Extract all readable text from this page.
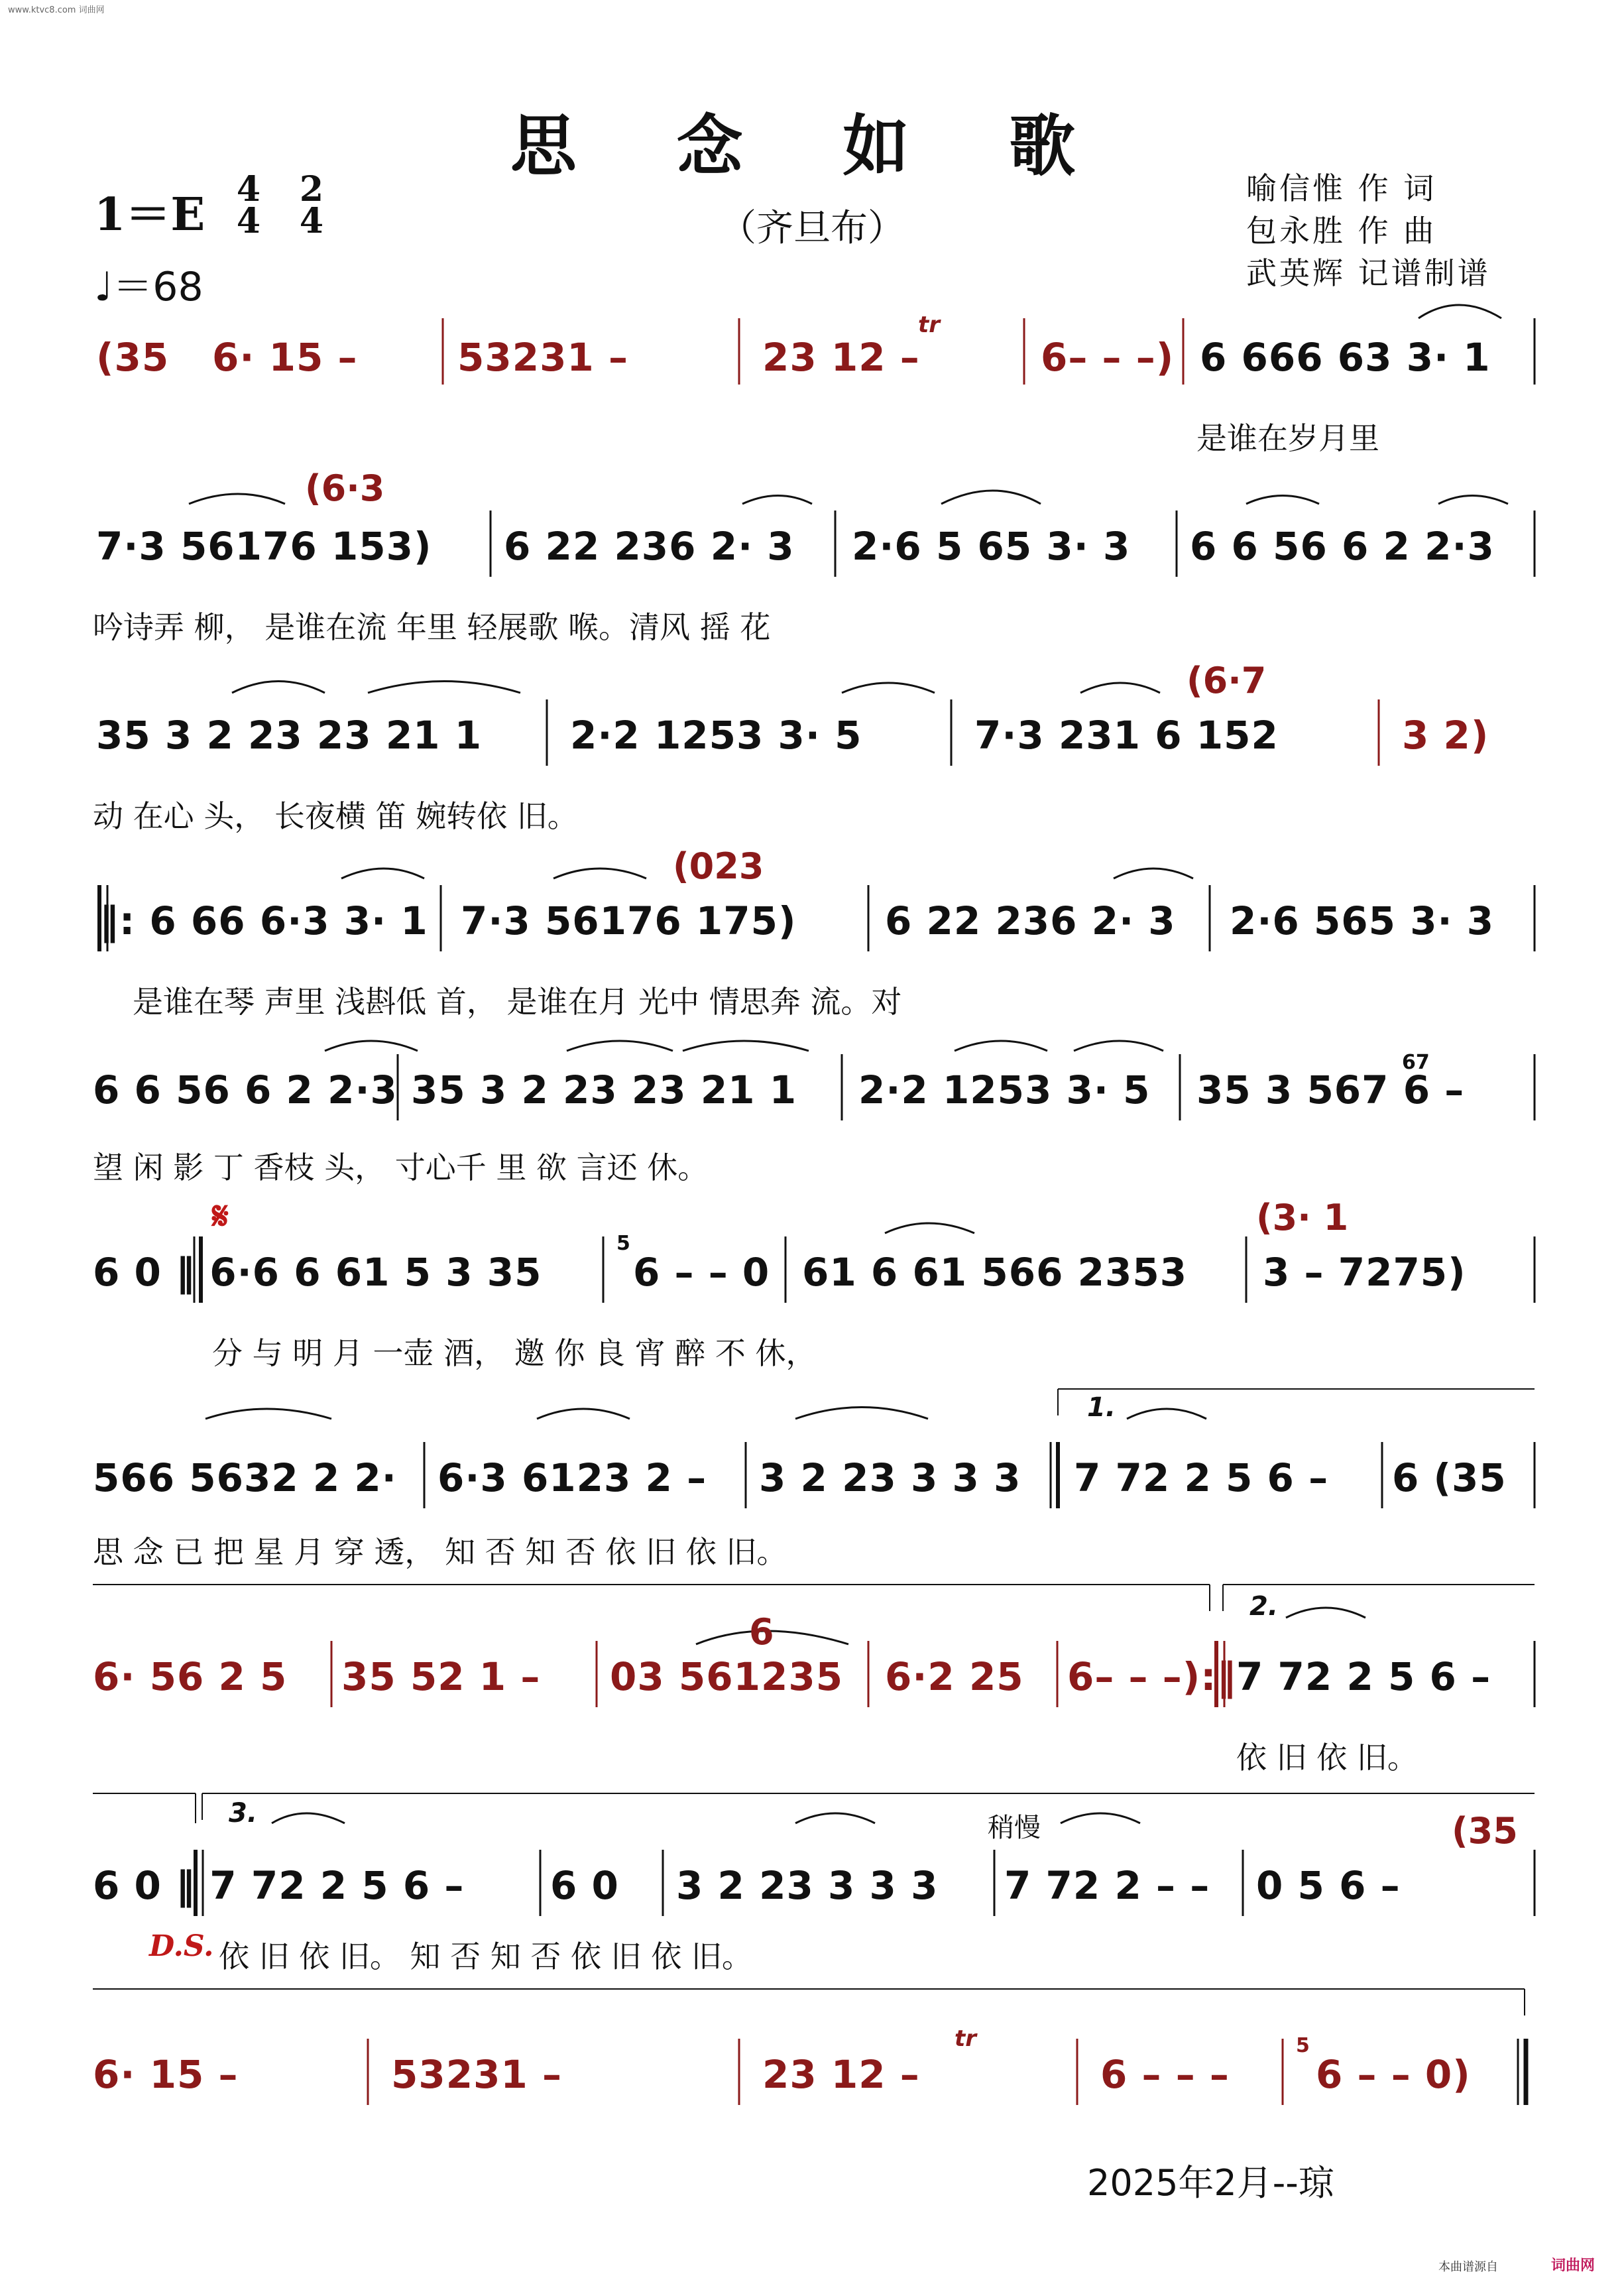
www.ktvc8.com 词曲网
思 念 如 歌
（齐旦布）
1＝E 4
4
2
4
♩＝68
喻信惟 作 词
包永胜 作 曲
武英辉 记谱制谱
(35 6· 15 –	53231 –	23 12 –
tr
6– – –) 6 666 63 3· 1
是谁在岁月里
7·3 56176 153)
(6·3
6 22 236 2· 3 2·6 5 65 3· 3 6 6 56 6 2 2·3
吟诗弄 柳， 是谁在流 年里 轻展歌 喉。清风 摇 花
35 3 2 23 23 21 1 2·2 1253 3· 5	7·3 231 6 152
(6·7
3 2)
动 在心 头， 长夜横 笛 婉转依 旧。
‖: 6 66 6·3 3· 1 7·3 56176 175)
(023
6 22 236 2· 3 2·6 565 3· 3
是谁在琴 声里 浅斟低 首， 是谁在月 光中 情思奔 流。对
6 6 56 6 2 2·3 35 3 2 23 23 21 1 2·2 1253 3· 5 35 3 567 6 –
67
望 闲 影 丁 香枝 头， 寸心千 里 欲 言还 休。
𝄋
6 0 ‖ 6·6 6 61 5 3 35
5
6 – – 0 61 6 61 566 2353
(3· 1
3 – 7275)
分 与 明 月 一壶 酒， 邀 你 良 宵 醉 不 休，
566 5632 2 2· 6·3 6123 2 – 3 2 23 3 3 3
1.
7 72 2 5 6 – 6 (35
思 念 已 把 星 月 穿 透， 知 否 知 否 依 旧 依 旧。
6· 56 2 5 35 52 1 –
6
03 561235 6·2 25 6– – –):‖
2.
7 72 2 5 6 –
依 旧 依 旧。
3.	稍慢
6 0 ‖ 7 72 2 5 6 – 6 0 3 2 23 3 3 3 7 72 2 – – 0 5 6 –
(35
D.S. 依 旧 依 旧。 知 否 知 否 依 旧 依 旧。
6· 15 –	53231 –	23 12 –
tr
6 – – –
5
6 – – 0)
2025年2月--琼
本曲谱源自	词曲网
